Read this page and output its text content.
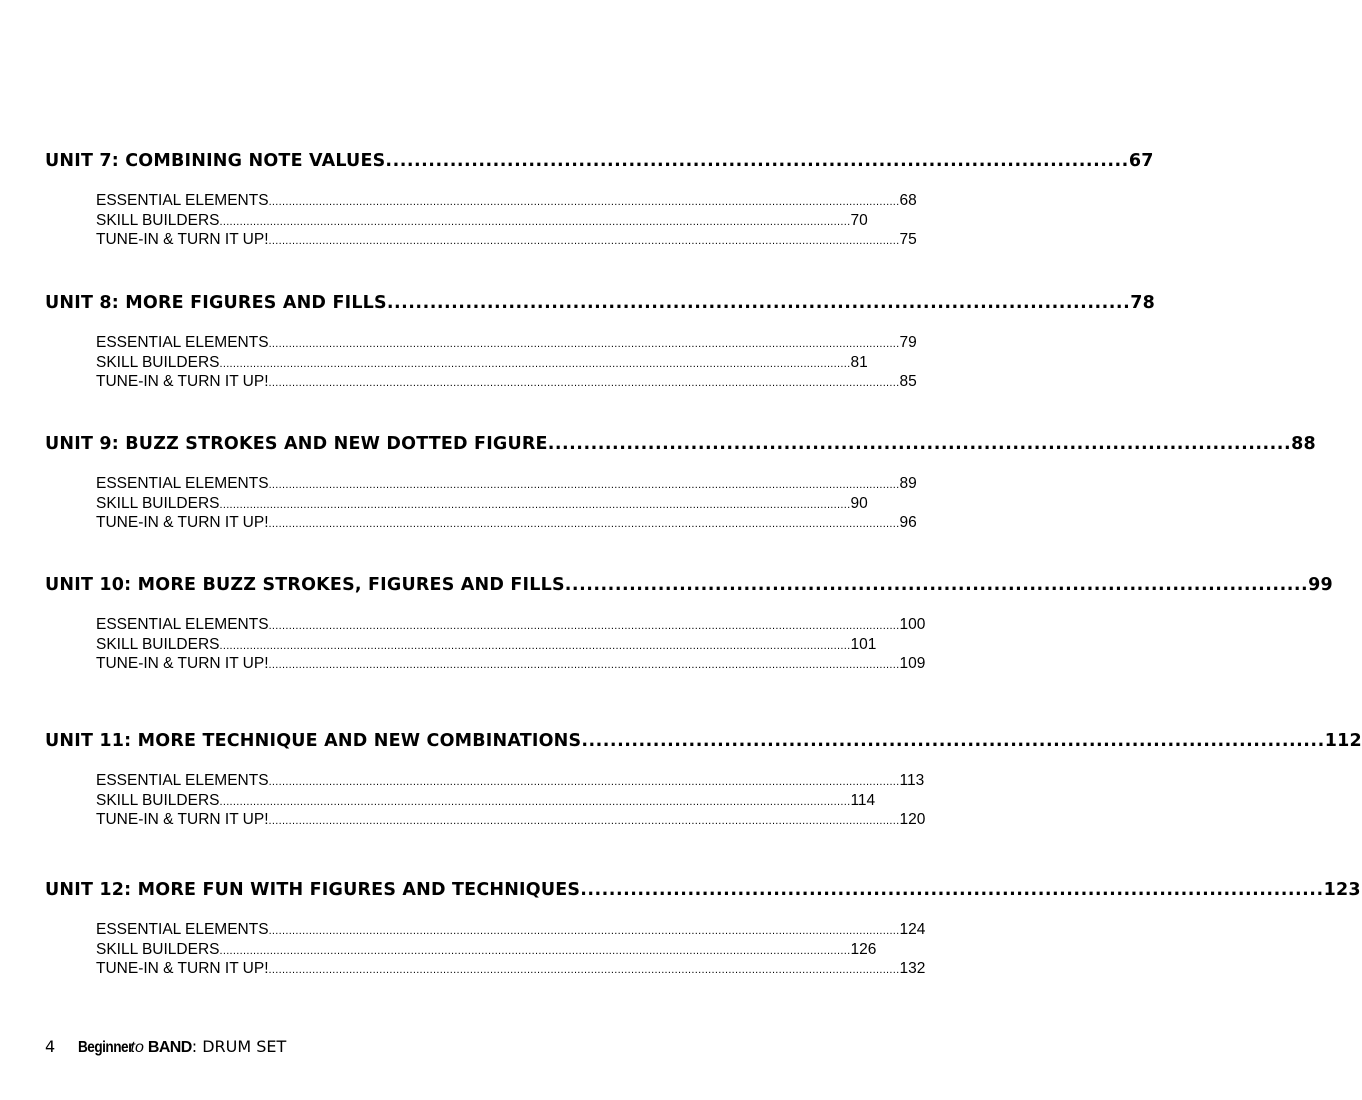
UNIT 7: COMBINING NOTE VALUES ........................................................................................................ 67
ESSENTIAL ELEMENTS ............................................................................................................................................................................................ 68
SKILL BUILDERS ............................................................................................................................................................................................ 70
TUNE-IN & TURN IT UP! ............................................................................................................................................................................................ 75
UNIT 8: MORE FIGURES AND FILLS ........................................................................................................ 78
ESSENTIAL ELEMENTS ............................................................................................................................................................................................ 79
SKILL BUILDERS ............................................................................................................................................................................................ 81
TUNE-IN & TURN IT UP! ............................................................................................................................................................................................ 85
UNIT 9: BUZZ STROKES AND NEW DOTTED FIGURE ........................................................................................................ 88
ESSENTIAL ELEMENTS ............................................................................................................................................................................................ 89
SKILL BUILDERS ............................................................................................................................................................................................ 90
TUNE-IN & TURN IT UP! ............................................................................................................................................................................................ 96
UNIT 10: MORE BUZZ STROKES, FIGURES AND FILLS ........................................................................................................ 99
ESSENTIAL ELEMENTS ............................................................................................................................................................................................ 100
SKILL BUILDERS ............................................................................................................................................................................................ 101
TUNE-IN & TURN IT UP! ............................................................................................................................................................................................ 109
UNIT 11: MORE TECHNIQUE AND NEW COMBINATIONS ........................................................................................................ 112
ESSENTIAL ELEMENTS ............................................................................................................................................................................................ 113
SKILL BUILDERS ............................................................................................................................................................................................ 114
TUNE-IN & TURN IT UP! ............................................................................................................................................................................................ 120
UNIT 12: MORE FUN WITH FIGURES AND TECHNIQUES ........................................................................................................ 123
ESSENTIAL ELEMENTS ............................................................................................................................................................................................ 124
SKILL BUILDERS ............................................................................................................................................................................................ 126
TUNE-IN & TURN IT UP! ............................................................................................................................................................................................ 132
4	Beginner
to BAND : DRUM SET
